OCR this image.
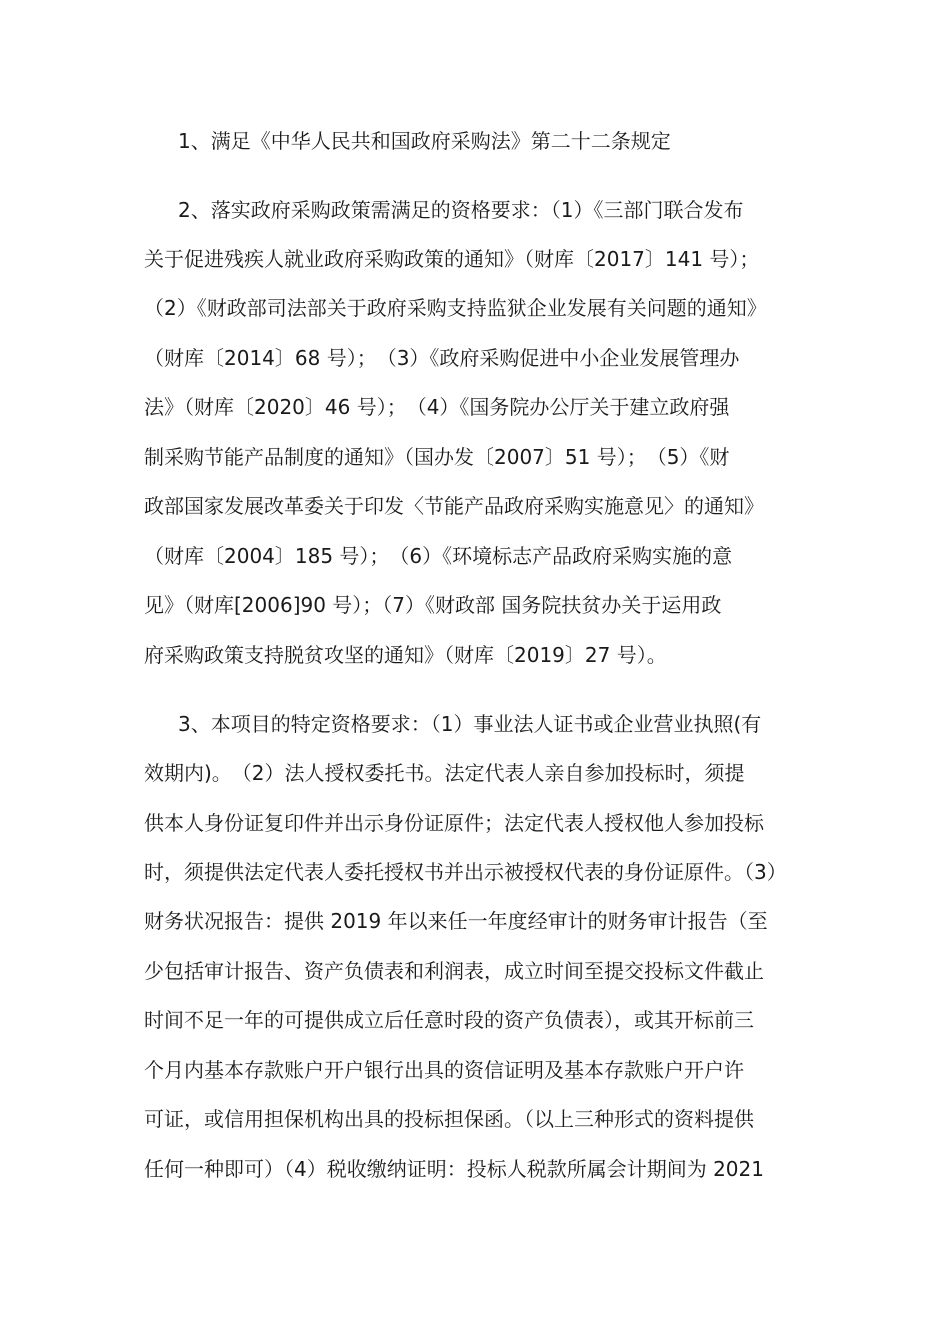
1、满足《中华人民共和国政府采购法》第二十二条规定
2、落实政府采购政策需满足的资格要求：（1）《三部门联合发布
关于促进残疾人就业政府采购政策的通知》（财库〔2017〕141 号）；
（2）《财政部司法部关于政府采购支持监狱企业发展有关问题的通知》
（财库〔2014〕68 号）；　（3）《政府采购促进中小企业发展管理办
法》（财库〔2020〕46 号）；　（4）《国务院办公厅关于建立政府强
制采购节能产品制度的通知》（国办发〔2007〕51 号）；　（5）《财
政部国家发展改革委关于印发〈节能产品政府采购实施意见〉的通知》
（财库〔2004〕185 号）；　（6）《环境标志产品政府采购实施的意
见》（财库[2006]90 号）；（7）《财政部 国务院扶贫办关于运用政
府采购政策支持脱贫攻坚的通知》（财库〔2019〕27 号）。
3、本项目的特定资格要求：（1）事业法人证书或企业营业执照(有
效期内)。　（2）法人授权委托书。法定代表人亲自参加投标时，须提
供本人身份证复印件并出示身份证原件；法定代表人授权他人参加投标
时，须提供法定代表人委托授权书并出示被授权代表的身份证原件。（3）
财务状况报告：提供 2019 年以来任一年度经审计的财务审计报告（至
少包括审计报告、资产负债表和利润表，成立时间至提交投标文件截止
时间不足一年的可提供成立后任意时段的资产负债表），或其开标前三
个月内基本存款账户开户银行出具的资信证明及基本存款账户开户许
可证，或信用担保机构出具的投标担保函。（以上三种形式的资料提供
任何一种即可）（4）税收缴纳证明：投标人税款所属会计期间为 2021
